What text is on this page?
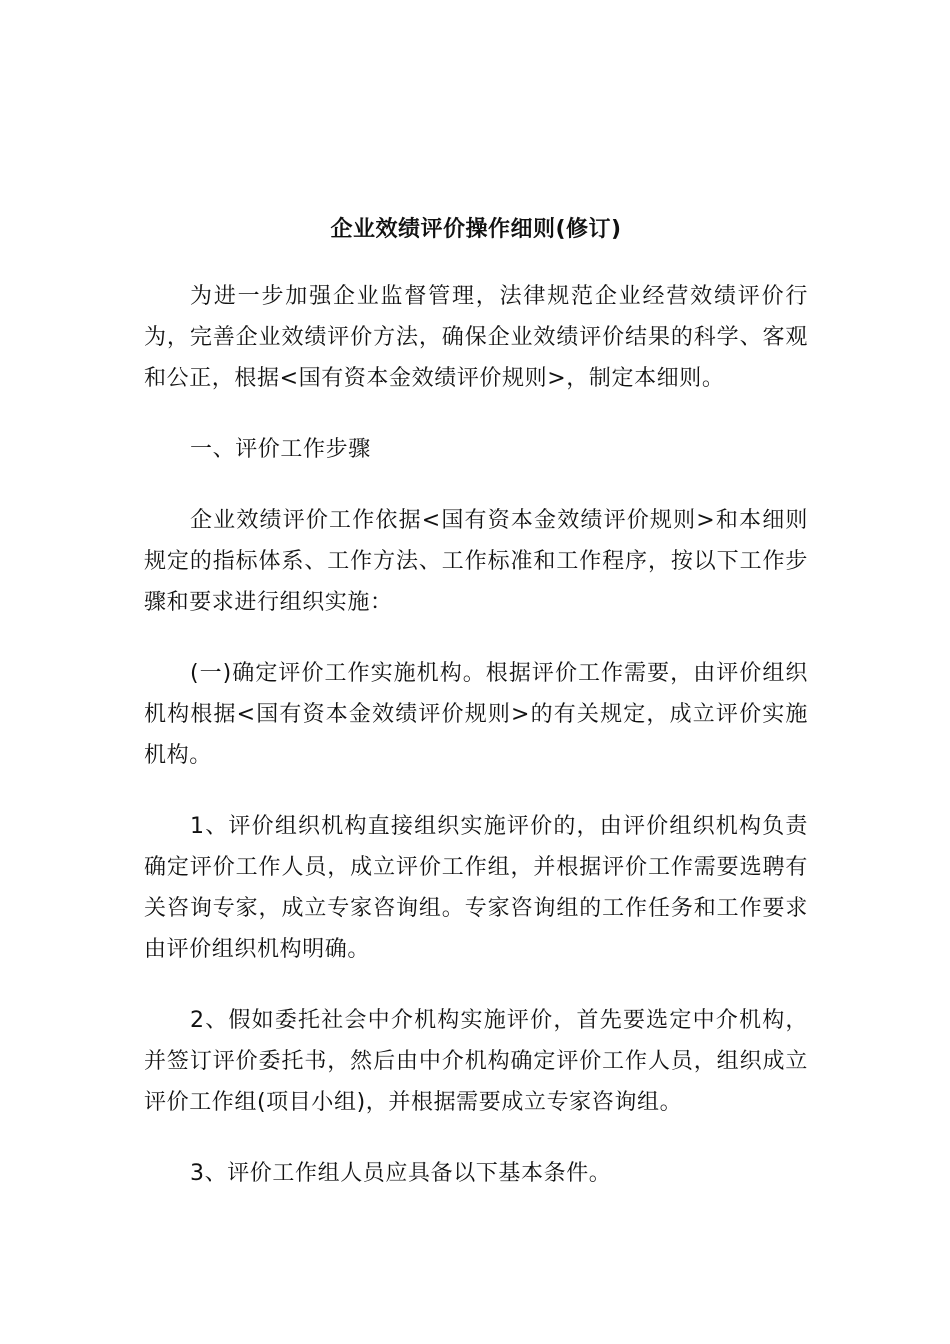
企业效绩评价操作细则(修订)

为进一步加强企业监督管理，法律规范企业经营效绩评价行为，完善企业效绩评价方法，确保企业效绩评价结果的科学、客观和公正，根据<国有资本金效绩评价规则>，制定本细则。

一、评价工作步骤

企业效绩评价工作依据<国有资本金效绩评价规则>和本细则规定的指标体系、工作方法、工作标准和工作程序，按以下工作步骤和要求进行组织实施：

(一)确定评价工作实施机构。根据评价工作需要，由评价组织机构根据<国有资本金效绩评价规则>的有关规定，成立评价实施机构。

1、评价组织机构直接组织实施评价的，由评价组织机构负责确定评价工作人员，成立评价工作组，并根据评价工作需要选聘有关咨询专家，成立专家咨询组。专家咨询组的工作任务和工作要求由评价组织机构明确。

2、假如委托社会中介机构实施评价，首先要选定中介机构，并签订评价委托书，然后由中介机构确定评价工作人员，组织成立评价工作组(项目小组)，并根据需要成立专家咨询组。

3、评价工作组人员应具备以下基本条件。
